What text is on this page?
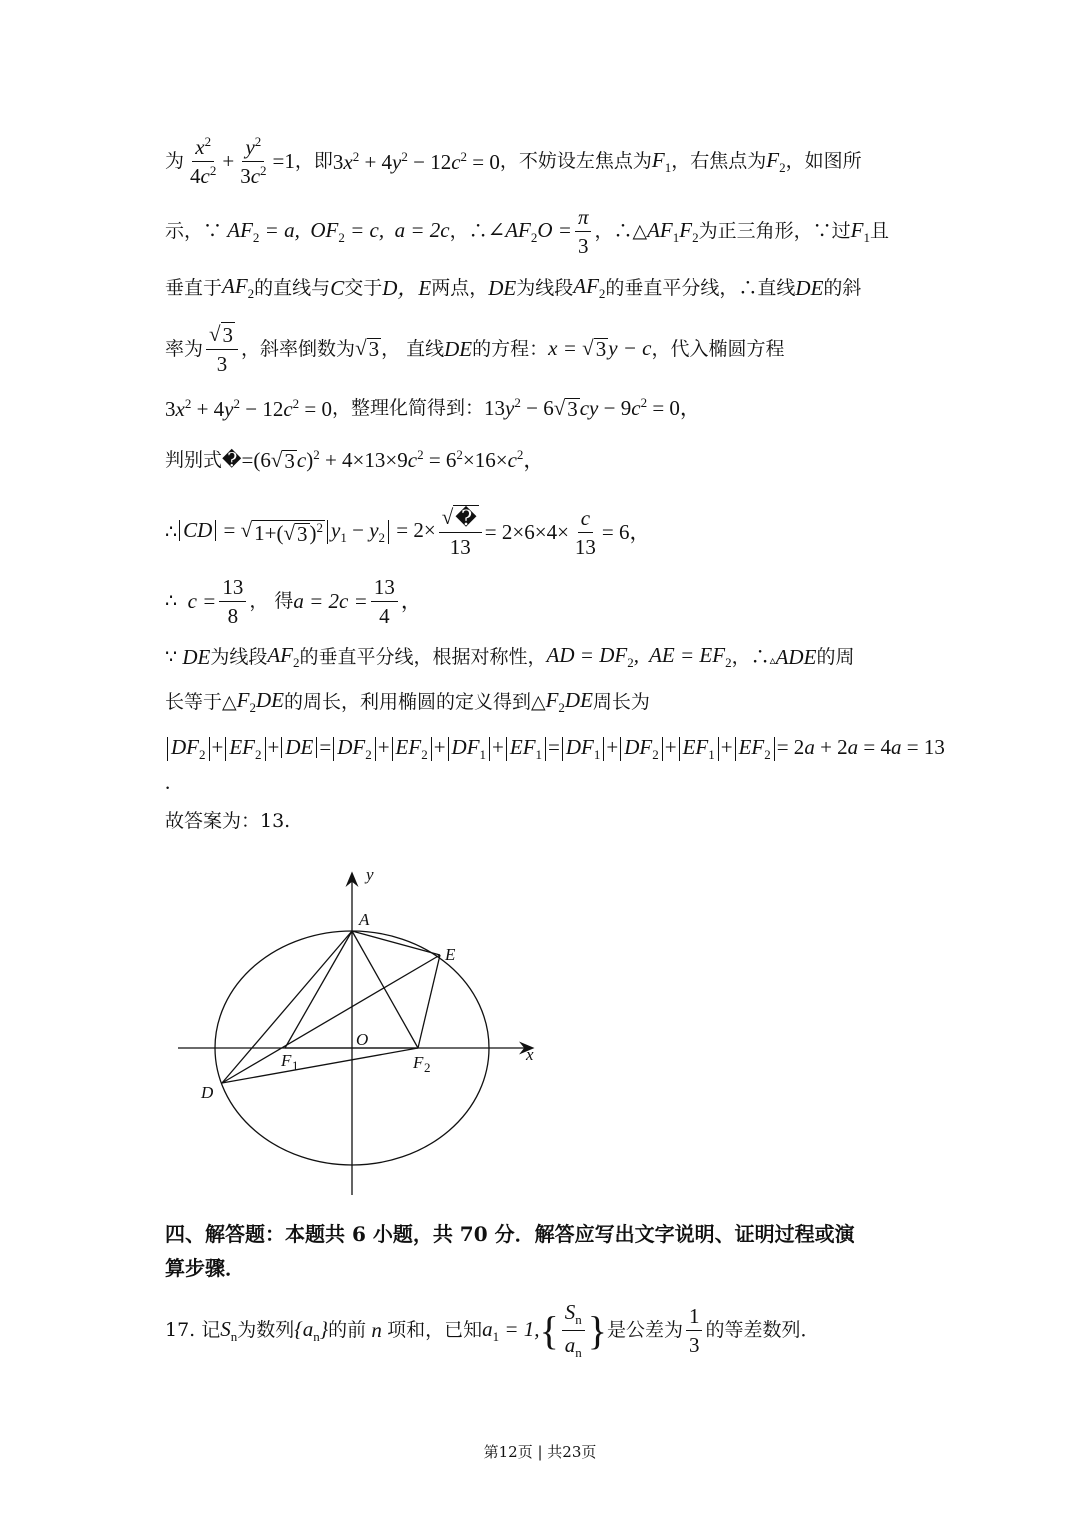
为 $\frac{x^2}{4c^2} + \frac{y^2}{3c^2} =1$ ，即 $3x^2 + 4y^2 - 12c^2 = 0$ ，不妨设左焦点为 $F_1$ ，右焦点为 $F_2$ ，如图所
示，∵ $AF_2 = a$,  $OF_2 = c$,  a = 2c ，∴ $\angle AF_2O = \frac{\pi}{3}$ ，∴△ $AF_1F_2$ 为正三角形，∵过 $F_1$ 且
垂直于 $AF_2$ 的直线与 C 交于 D，E 两点， DE 为线段 $AF_2$ 的垂直平分线，∴直线 DE 的斜
率为 $\frac{√ 3}{3}$ ，斜率倒数为 √ 3 ， 直线 DE 的方程： x = √ 3 y − c ，代入椭圆方程
$3x^2 + 4y^2 - 12c^2 = 0$ ，整理化简得到： $13y^2 - 6√$ 3 cy − $9c^2 = 0$，
判别式 � =(6√ 3 $c)^2 + 4\times 13\times 9c^2 = 6^2\times 16\times c^2$，
∴ CD = √ 1+(√ 3 )$^2$ $y_1 - y_2 = 2\times \frac{√ �}{13} = 2\times 6\times 4\times \frac{c}{13} = 6$，
∴ $c = \frac{13}{8}$ ， 得 $a = 2c = \frac{13}{4}$ ，
∵ DE 为线段 $AF_2$ 的垂直平分线，根据对称性， AD = $DF_2$,  AE = $EF_2$ ，∴ ▵ADE 的周
长等于△ $F_2DE$ 的周长，利用椭圆的定义得到△ $F_2DE$ 周长为
$DF_2 + EF_2$ + DE = $DF_2 + EF_2 + DF_1 + EF_1 = DF_1 + DF_2 + EF_1 + EF_2 = 2a + 2a = 4a = 13$
.
故答案为：13.
y
x
A
E
O
F 1	F 2
D
四、解答题：本题共 6 小题，共 70 分．解答应写出文字说明、证明过程或演
算步骤．
17.
记 $S_n$ 为数列 $\{a_n\}$ 的前 n 项和，已知 $a_1 = 1$, { $\frac{S_n}{a_n}$ } 是公差为 $\frac{1}{3}$ 的等差数列．
第12页 | 共23页
